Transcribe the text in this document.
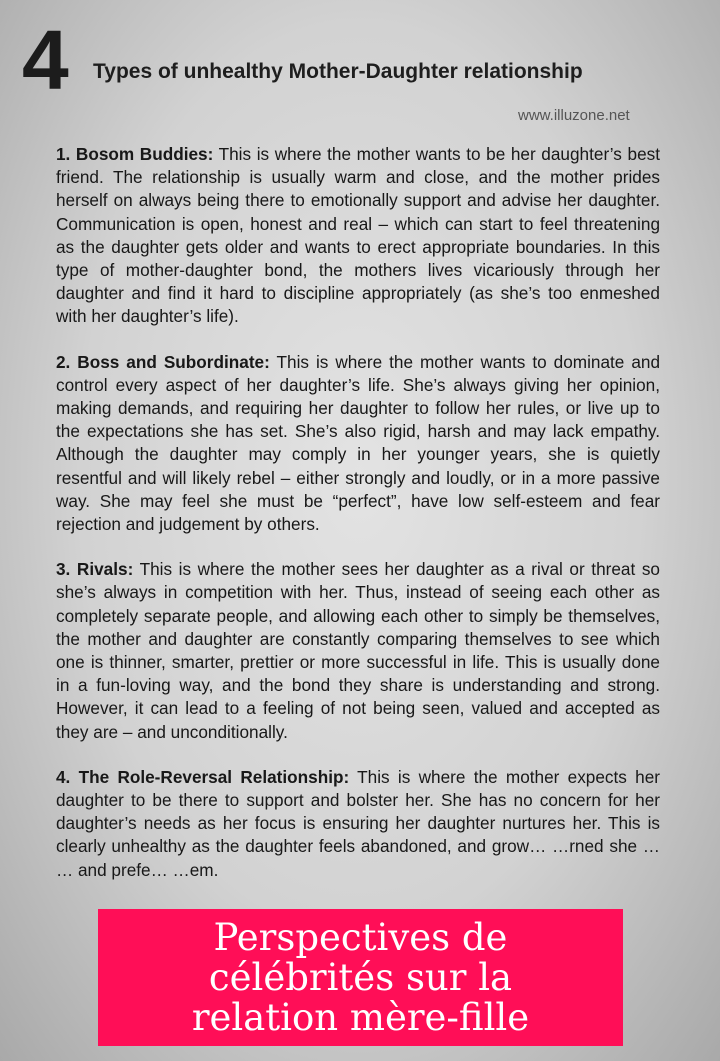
4 Types of unhealthy Mother-Daughter relationship
www.illuzone.net

1. Bosom Buddies: This is where the mother wants to be her daughter’s best friend. The relationship is usually warm and close, and the mother prides herself on always being there to emotionally support and advise her daughter. Communication is open, honest and real – which can start to feel threatening as the daughter gets older and wants to erect appropriate boundaries. In this type of mother-daughter bond, the mothers lives vicariously through her daughter and find it hard to discipline appropriately (as she’s too enmeshed with her daughter’s life).

2. Boss and Subordinate: This is where the mother wants to dominate and control every aspect of her daughter’s life. She’s always giving her opinion, making demands, and requiring her daughter to follow her rules, or live up to the expectations she has set. She’s also rigid, harsh and may lack empathy. Although the daughter may comply in her younger years, she is quietly resentful and will likely rebel – either strongly and loudly, or in a more passive way. She may feel she must be “perfect”, have low self-esteem and fear rejection and judgement by others.

3. Rivals: This is where the mother sees her daughter as a rival or threat so she’s always in competition with her. Thus, instead of seeing each other as completely separate people, and allowing each other to simply be themselves, the mother and daughter are constantly comparing themselves to see which one is thinner, smarter, prettier or more successful in life. This is usually done in a fun-loving way, and the bond they share is understanding and strong. However, it can lead to a feeling of not being seen, valued and accepted as they are – and unconditionally.

4. The Role-Reversal Relationship: This is where the mother expects her daughter to be there to support and bolster her. She has no concern for her daughter’s needs as her focus is ensuring her daughter nurtures her. This is clearly unhealthy as the daughter feels abandoned, and grow… …rned she … … and prefe… …em.

Perspectives de célébrités sur la relation mère-fille
